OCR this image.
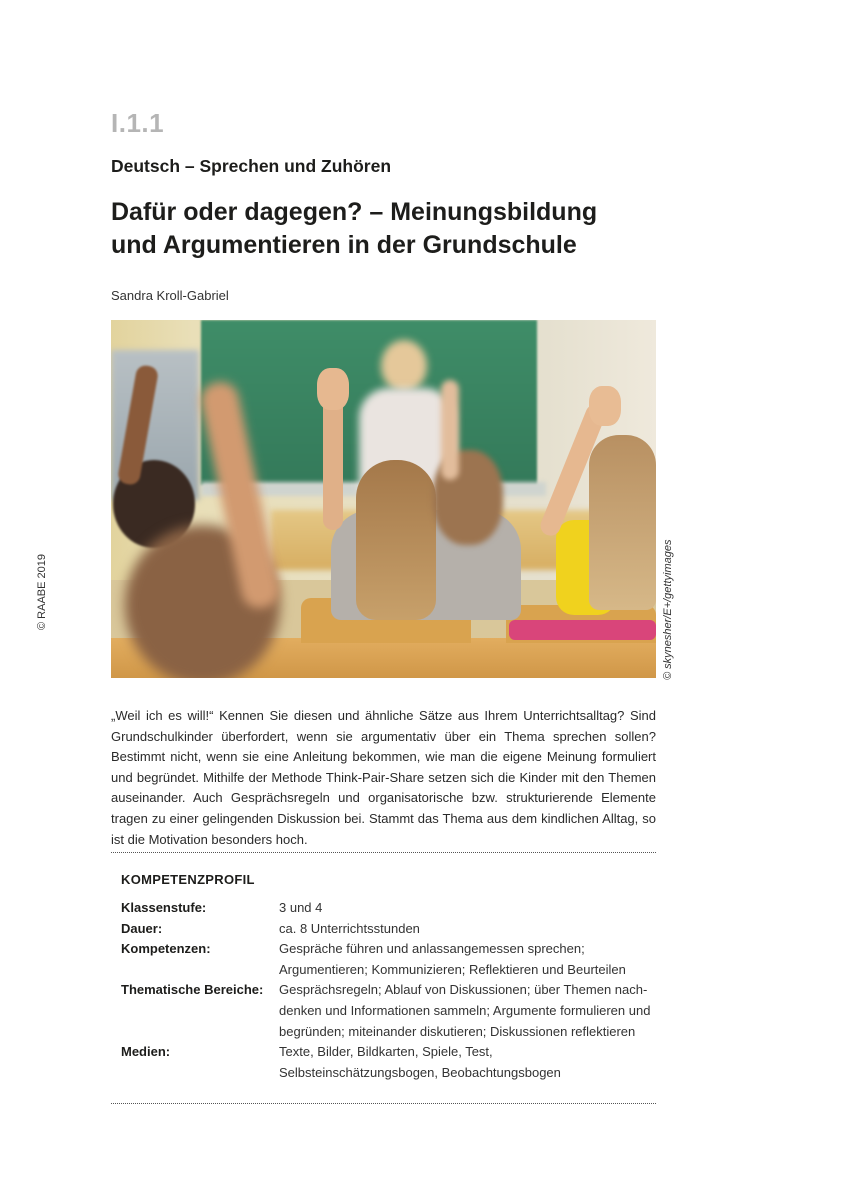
I.1.1
Deutsch – Sprechen und Zuhören
Dafür oder dagegen? – Meinungsbildung
und Argumentieren in der Grundschule
Sandra Kroll-Gabriel
© RAABE 2019	© skynesher/E+/gettyimages

„Weil ich es will!“ Kennen Sie diesen und ähnliche Sätze aus Ihrem Unterrichtsalltag? Sind Grundschulkinder überfordert, wenn sie argumentativ über ein Thema sprechen sollen? Bestimmt nicht, wenn sie eine Anleitung bekommen, wie man die eigene Meinung formuliert und begründet. Mithilfe der Methode Think-Pair-Share setzen sich die Kinder mit den Themen auseinander. Auch Gesprächsregeln und organisatorische bzw. strukturierende Elemente tragen zu einer gelingenden Diskussion bei. Stammt das Thema aus dem kindlichen Alltag, so ist die Motivation besonders hoch.

KOMPETENZPROFIL
Klassenstufe:	3 und 4
Dauer:	ca. 8 Unterrichtsstunden
Kompetenzen:	Gespräche führen und anlassangemessen sprechen; Argumentieren; Kommunizieren; Reflektieren und Beurteilen
Thematische Bereiche:	Gesprächsregeln; Ablauf von Diskussionen; über Themen nachdenken und Informationen sammeln; Argumente formulieren und begründen; miteinander diskutieren; Diskussionen reflektieren
Medien:	Texte, Bilder, Bildkarten, Spiele, Test, Selbsteinschätzungsbogen, Beobachtungsbogen
